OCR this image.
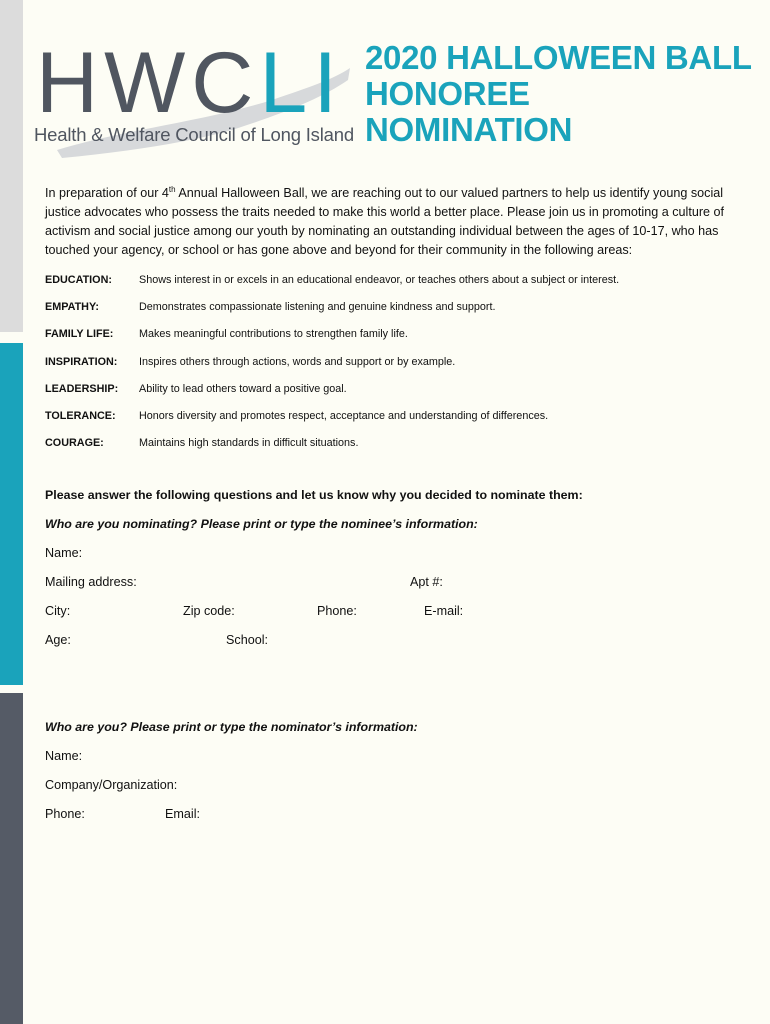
HWCLI
Health & Welfare Council of Long Island
2020 HALLOWEEN BALL
HONOREE
NOMINATION
In preparation of our 4th Annual Halloween Ball, we are reaching out to our valued partners to help us identify young social justice advocates who possess the traits needed to make this world a better place. Please join us in promoting a culture of activism and social justice among our youth by nominating an outstanding individual between the ages of 10-17, who has touched your agency, or school or has gone above and beyond for their community in the following areas:
EDUCATION:	Shows interest in or excels in an educational endeavor, or teaches others about a subject or interest.
EMPATHY:	Demonstrates compassionate listening and genuine kindness and support.
FAMILY LIFE:	Makes meaningful contributions to strengthen family life.
INSPIRATION:	Inspires others through actions, words and support or by example.
LEADERSHIP:	Ability to lead others toward a positive goal.
TOLERANCE:	Honors diversity and promotes respect, acceptance and understanding of differences.
COURAGE:	Maintains high standards in difficult situations.
Please answer the following questions and let us know why you decided to nominate them:
Who are you nominating? Please print or type the nominee’s information:
Name:
Mailing address:	Apt #:
City:	Zip code:	Phone:	E-mail:
Age:	School:
Who are you? Please print or type the nominator’s information:
Name:
Company/Organization:
Phone:	Email:
